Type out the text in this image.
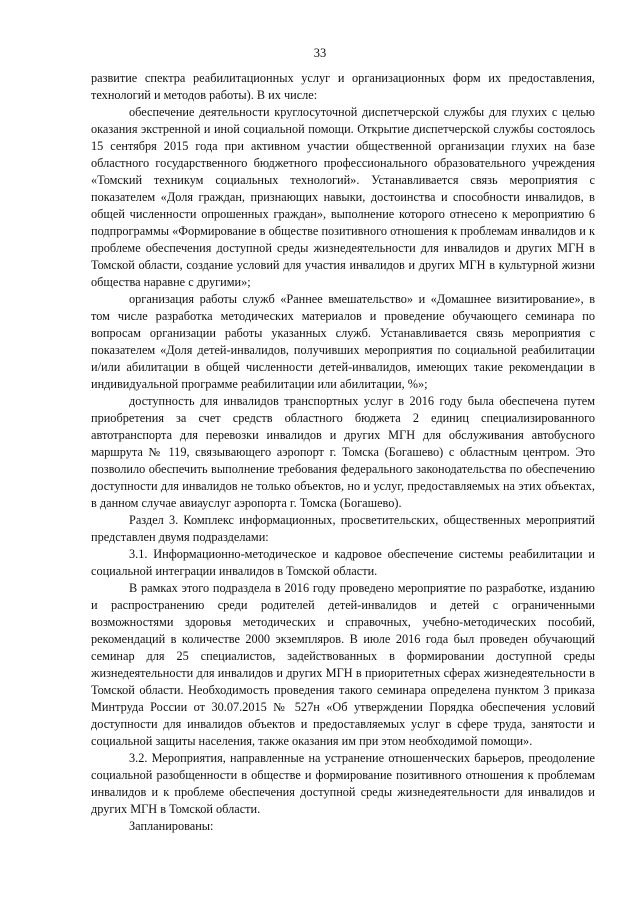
33

развитие спектра реабилитационных услуг и организационных форм их предоставления, технологий и методов работы). В их числе:

обеспечение деятельности круглосуточной диспетчерской службы для глухих с целью оказания экстренной и иной социальной помощи. Открытие диспетчерской службы состоялось 15 сентября 2015 года при активном участии общественной организации глухих на базе областного государственного бюджетного профессионального образовательного учреждения «Томский техникум социальных технологий». Устанавливается связь мероприятия с показателем «Доля граждан, признающих навыки, достоинства и способности инвалидов, в общей численности опрошенных граждан», выполнение которого отнесено к мероприятию 6 подпрограммы «Формирование в обществе позитивного отношения к проблемам инвалидов и к проблеме обеспечения доступной среды жизнедеятельности для инвалидов и других МГН в Томской области, создание условий для участия инвалидов и других МГН в культурной жизни общества наравне с другими»;

организация работы служб «Раннее вмешательство» и «Домашнее визитирование», в том числе разработка методических материалов и проведение обучающего семинара по вопросам организации работы указанных служб. Устанавливается связь мероприятия с показателем «Доля детей-инвалидов, получивших мероприятия по социальной реабилитации и/или абилитации в общей численности детей-инвалидов, имеющих такие рекомендации в индивидуальной программе реабилитации или абилитации, %»;

доступность для инвалидов транспортных услуг в 2016 году была обеспечена путем приобретения за счет средств областного бюджета 2 единиц специализированного автотранспорта для перевозки инвалидов и других МГН для обслуживания автобусного маршрута № 119, связывающего аэропорт г. Томска (Богашево) с областным центром. Это позволило обеспечить выполнение требования федерального законодательства по обеспечению доступности для инвалидов не только объектов, но и услуг, предоставляемых на этих объектах, в данном случае авиауслуг аэропорта г. Томска (Богашево).

Раздел 3. Комплекс информационных, просветительских, общественных мероприятий представлен двумя подразделами:

3.1. Информационно-методическое и кадровое обеспечение системы реабилитации и социальной интеграции инвалидов в Томской области.

В рамках этого подраздела в 2016 году проведено мероприятие по разработке, изданию и распространению среди родителей детей-инвалидов и детей с ограниченными возможностями здоровья методических и справочных, учебно-методических пособий, рекомендаций в количестве 2000 экземпляров. В июле 2016 года был проведен обучающий семинар для 25 специалистов, задействованных в формировании доступной среды жизнедеятельности для инвалидов и других МГН в приоритетных сферах жизнедеятельности в Томской области. Необходимость проведения такого семинара определена пунктом 3 приказа Минтруда России от 30.07.2015 № 527н «Об утверждении Порядка обеспечения условий доступности для инвалидов объектов и предоставляемых услуг в сфере труда, занятости и социальной защиты населения, также оказания им при этом необходимой помощи».

3.2. Мероприятия, направленные на устранение отношенческих барьеров, преодоление социальной разобщенности в обществе и формирование позитивного отношения к проблемам инвалидов и к проблеме обеспечения доступной среды жизнедеятельности для инвалидов и других МГН в Томской области.

Запланированы:
